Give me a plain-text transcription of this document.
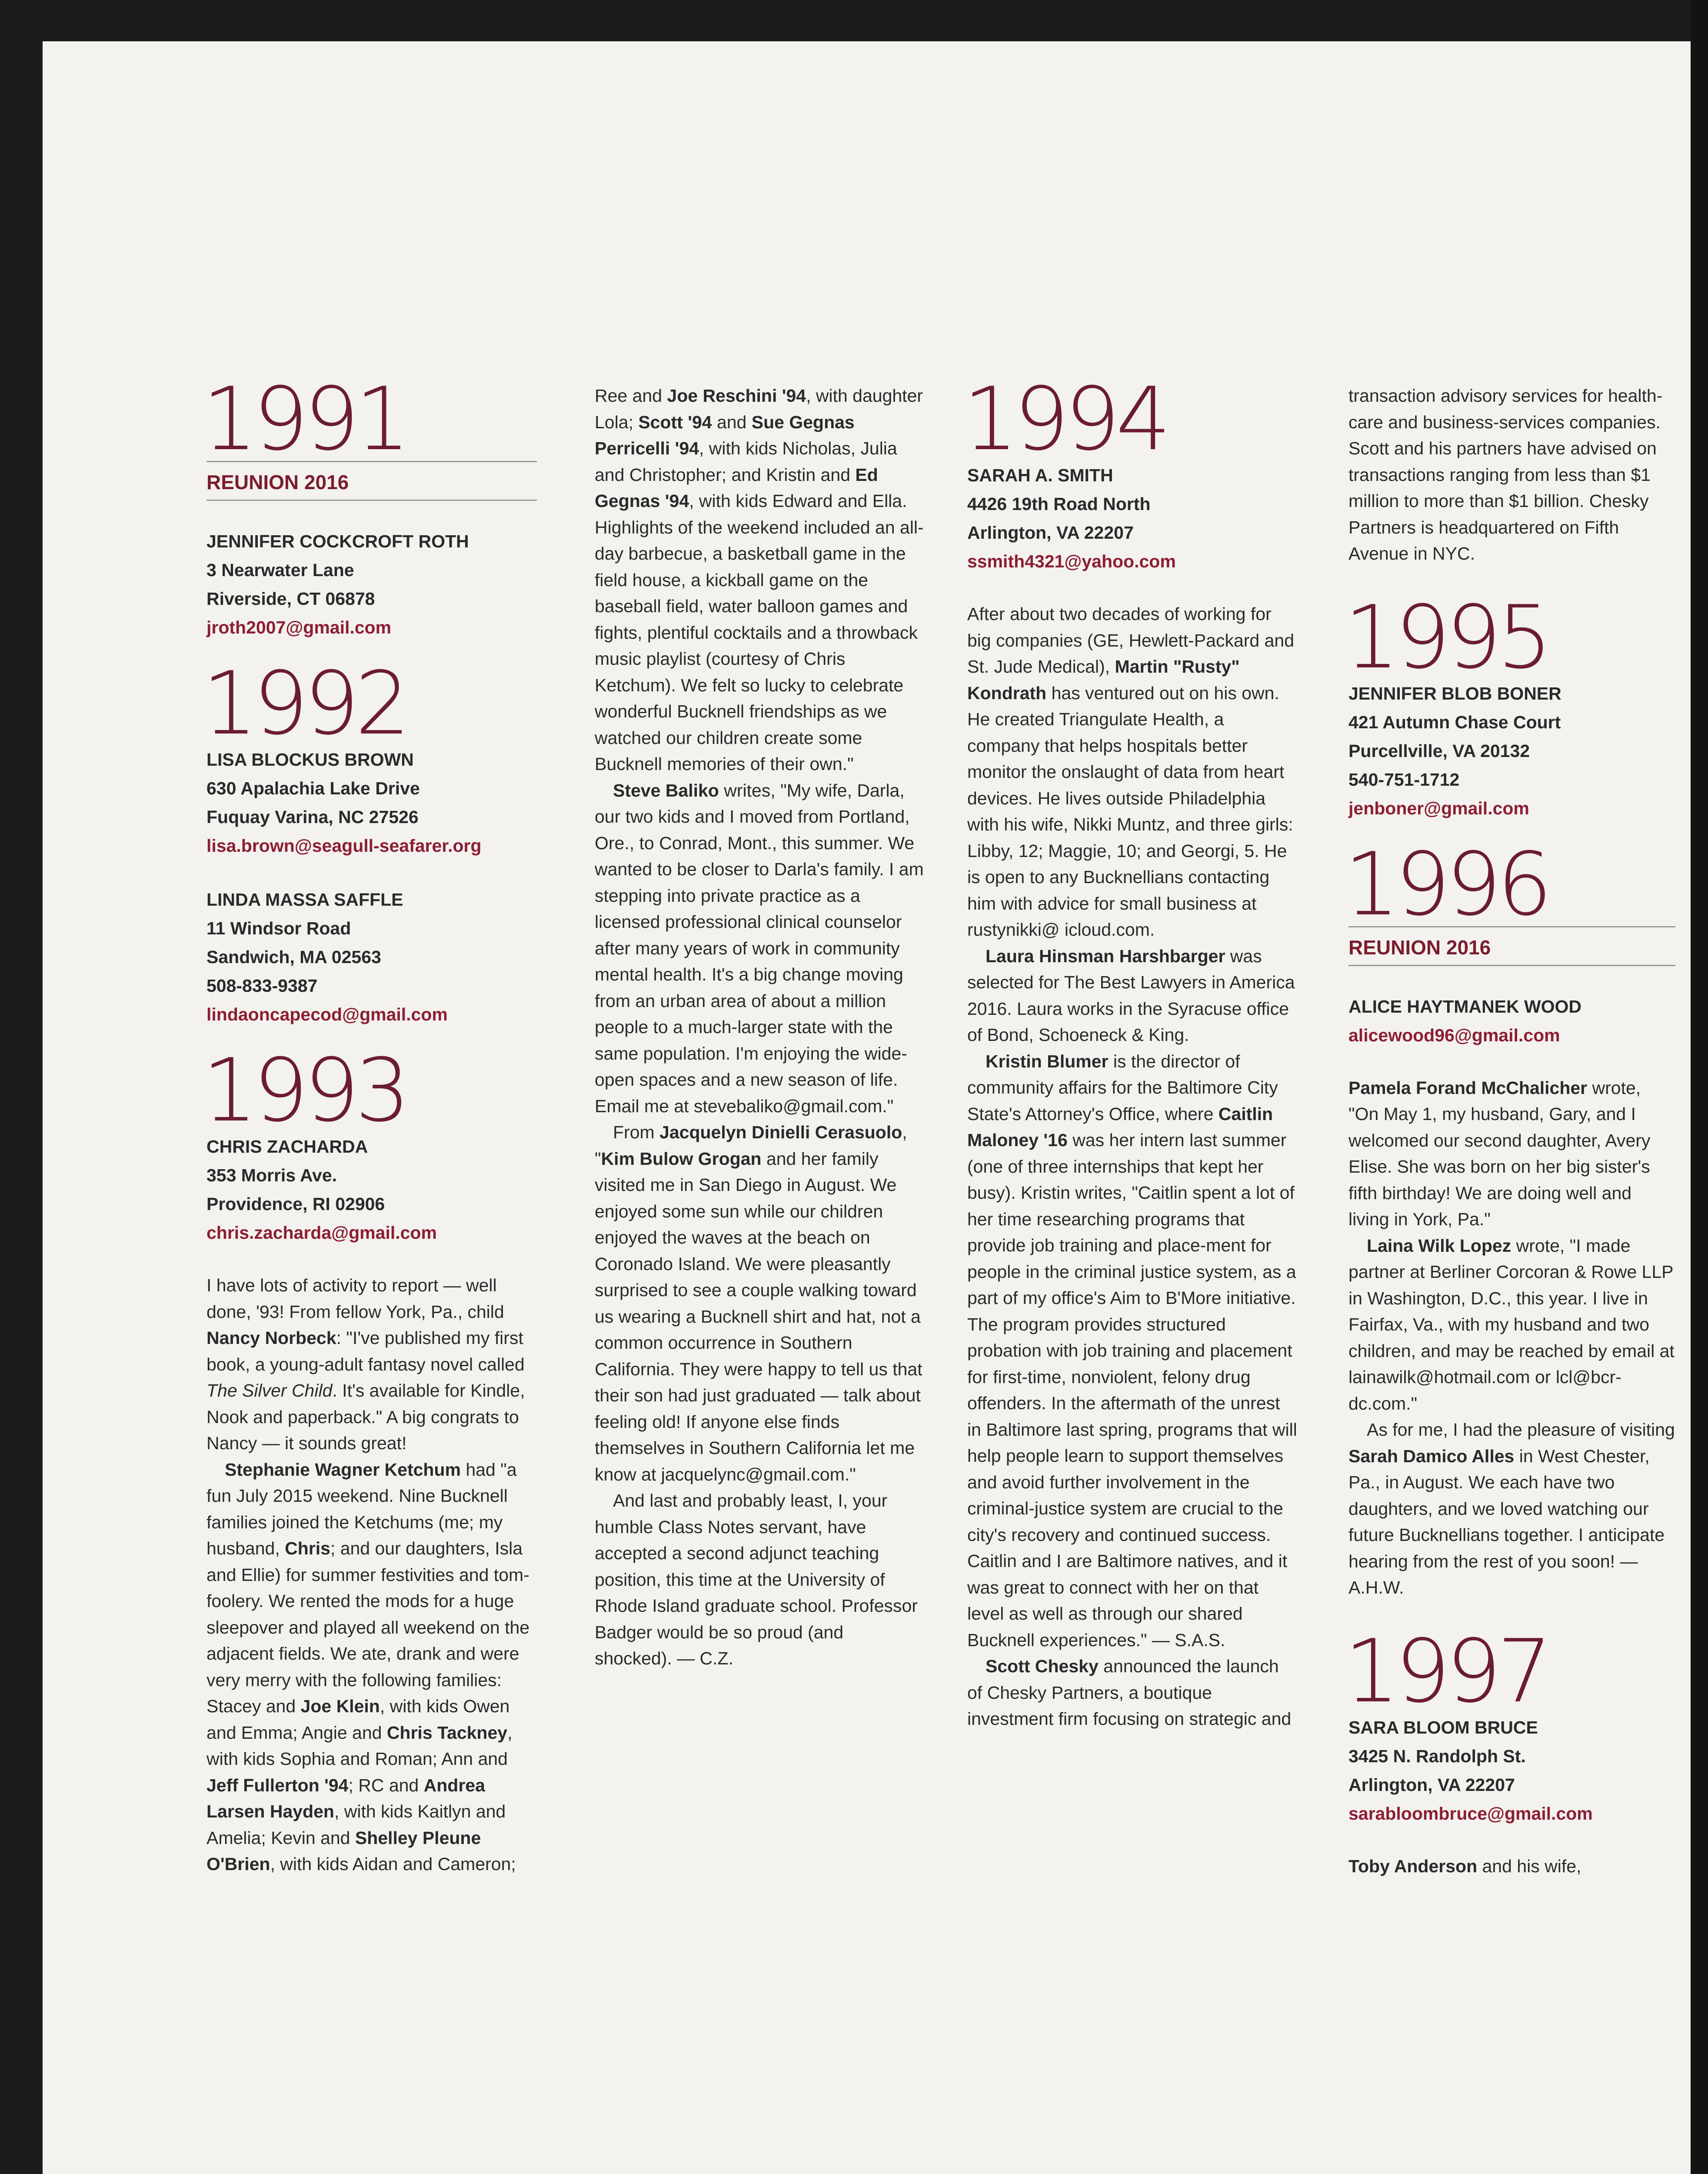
1991
REUNION 2016
JENNIFER COCKCROFT ROTH
3 Nearwater Lane
Riverside, CT 06878
jroth2007@gmail.com
1992
LISA BLOCKUS BROWN
630 Apalachia Lake Drive
Fuquay Varina, NC 27526
lisa.brown@seagull-seafarer.org
LINDA MASSA SAFFLE
11 Windsor Road
Sandwich, MA 02563
508-833-9387
lindaoncapecod@gmail.com
1993
CHRIS ZACHARDA
353 Morris Ave.
Providence, RI 02906
chris.zacharda@gmail.com

I have lots of activity to report — well done, '93! From fellow York, Pa., child Nancy Norbeck: "I've published my first book, a young-adult fantasy novel called The Silver Child. It's available for Kindle, Nook and paperback." A big congrats to Nancy — it sounds great!

Stephanie Wagner Ketchum had "a fun July 2015 weekend. Nine Bucknell families joined the Ketchums (me; my husband, Chris; and our daughters, Isla and Ellie) for summer festivities and tom-foolery. We rented the mods for a huge sleepover and played all weekend on the adjacent fields. We ate, drank and were very merry with the following families: Stacey and Joe Klein, with kids Owen and Emma; Angie and Chris Tackney, with kids Sophia and Roman; Ann and Jeff Fullerton '94; RC and Andrea Larsen Hayden, with kids Kaitlyn and Amelia; Kevin and Shelley Pleune O'Brien, with kids Aidan and Cameron;

Ree and Joe Reschini '94, with daughter Lola; Scott '94 and Sue Gegnas Perricelli '94, with kids Nicholas, Julia and Christopher; and Kristin and Ed Gegnas '94, with kids Edward and Ella. Highlights of the weekend included an all-day barbecue, a basketball game in the field house, a kickball game on the baseball field, water balloon games and fights, plentiful cocktails and a throwback music playlist (courtesy of Chris Ketchum). We felt so lucky to celebrate wonderful Bucknell friendships as we watched our children create some Bucknell memories of their own."

Steve Baliko writes, "My wife, Darla, our two kids and I moved from Portland, Ore., to Conrad, Mont., this summer. We wanted to be closer to Darla's family. I am stepping into private practice as a licensed professional clinical counselor after many years of work in community mental health. It's a big change moving from an urban area of about a million people to a much-larger state with the same population. I'm enjoying the wide-open spaces and a new season of life. Email me at stevebaliko@gmail.com."

From Jacquelyn Dinielli Cerasuolo, "Kim Bulow Grogan and her family visited me in San Diego in August. We enjoyed some sun while our children enjoyed the waves at the beach on Coronado Island. We were pleasantly surprised to see a couple walking toward us wearing a Bucknell shirt and hat, not a common occurrence in Southern California. They were happy to tell us that their son had just graduated — talk about feeling old! If anyone else finds themselves in Southern California let me know at jacquelync@gmail.com."

And last and probably least, I, your humble Class Notes servant, have accepted a second adjunct teaching position, this time at the University of Rhode Island graduate school. Professor Badger would be so proud (and shocked). — C.Z.

1994
SARAH A. SMITH
4426 19th Road North
Arlington, VA 22207
ssmith4321@yahoo.com

After about two decades of working for big companies (GE, Hewlett-Packard and St. Jude Medical), Martin "Rusty" Kondrath has ventured out on his own. He created Triangulate Health, a company that helps hospitals better monitor the onslaught of data from heart devices. He lives outside Philadelphia with his wife, Nikki Muntz, and three girls: Libby, 12; Maggie, 10; and Georgi, 5. He is open to any Bucknellians contacting him with advice for small business at rustynikki@ icloud.com.

Laura Hinsman Harshbarger was selected for The Best Lawyers in America 2016. Laura works in the Syracuse office of Bond, Schoeneck & King.

Kristin Blumer is the director of community affairs for the Baltimore City State's Attorney's Office, where Caitlin Maloney '16 was her intern last summer (one of three internships that kept her busy). Kristin writes, "Caitlin spent a lot of her time researching programs that provide job training and place-ment for people in the criminal justice system, as a part of my office's Aim to B'More initiative. The program provides structured probation with job training and placement for first-time, nonviolent, felony drug offenders. In the aftermath of the unrest in Baltimore last spring, programs that will help people learn to support themselves and avoid further involvement in the criminal-justice system are crucial to the city's recovery and continued success. Caitlin and I are Baltimore natives, and it was great to connect with her on that level as well as through our shared Bucknell experiences." — S.A.S.

Scott Chesky announced the launch of Chesky Partners, a boutique investment firm focusing on strategic and

transaction advisory services for health-care and business-services companies. Scott and his partners have advised on transactions ranging from less than $1 million to more than $1 billion. Chesky Partners is headquartered on Fifth Avenue in NYC.

1995
JENNIFER BLOB BONER
421 Autumn Chase Court
Purcellville, VA 20132
540-751-1712
jenboner@gmail.com
1996
REUNION 2016
ALICE HAYTMANEK WOOD
alicewood96@gmail.com

Pamela Forand McChalicher wrote, "On May 1, my husband, Gary, and I welcomed our second daughter, Avery Elise. She was born on her big sister's fifth birthday! We are doing well and living in York, Pa."

Laina Wilk Lopez wrote, "I made partner at Berliner Corcoran & Rowe LLP in Washington, D.C., this year. I live in Fairfax, Va., with my husband and two children, and may be reached by email at lainawilk@hotmail.com or lcl@bcr-dc.com."

As for me, I had the pleasure of visiting Sarah Damico Alles in West Chester, Pa., in August. We each have two daughters, and we loved watching our future Bucknellians together. I anticipate hearing from the rest of you soon! — A.H.W.

1997
SARA BLOOM BRUCE
3425 N. Randolph St.
Arlington, VA 22207
sarabloombruce@gmail.com

Toby Anderson and his wife,
